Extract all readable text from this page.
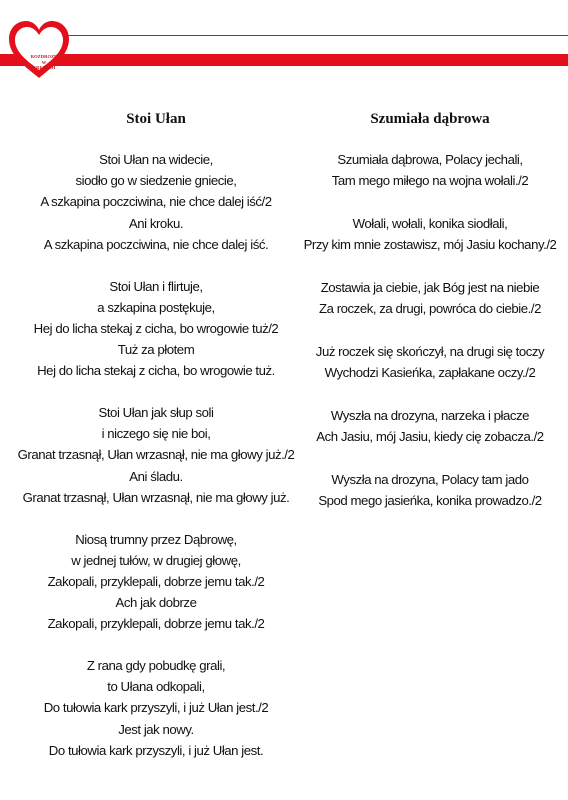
ROZDROŻE
W
KRESACH
Stoi Ułan
Stoi Ułan na widecie,
siodło go w siedzenie gniecie,
A szkapina poczciwina, nie chce dalej iść/2
Ani kroku.
A szkapina poczciwina, nie chce dalej iść.
Stoi Ułan i flirtuje,
a szkapina postękuje,
Hej do licha stekaj z cicha, bo wrogowie tuż/2
Tuż za płotem
Hej do licha stekaj z cicha, bo wrogowie tuż.
Stoi Ułan jak słup soli
i niczego się nie boi,
Granat trzasnął, Ułan wrzasnął, nie ma głowy już./2
Ani śladu.
Granat trzasnął, Ułan wrzasnął, nie ma głowy już.
Niosą trumny przez Dąbrowę,
w jednej tułów, w drugiej głowę,
Zakopali, przyklepali, dobrze jemu tak./2
Ach jak dobrze
Zakopali, przyklepali, dobrze jemu tak./2
Z rana gdy pobudkę grali,
to Ułana odkopali,
Do tułowia kark przyszyli, i już Ułan jest./2
Jest jak nowy.
Do tułowia kark przyszyli, i już Ułan jest.
Szumiała dąbrowa
Szumiała dąbrowa, Polacy jechali,
Tam mego miłego na wojna wołali./2
Wołali, wołali, konika siodłali,
Przy kim mnie zostawisz, mój Jasiu kochany./2
Zostawia ja ciebie, jak Bóg jest na niebie
Za roczek, za drugi, powróca do ciebie./2
Już roczek się skończył, na drugi się toczy
Wychodzi Kasieńka, zapłakane oczy./2
Wyszła na drozyna, narzeka i płacze
Ach Jasiu, mój Jasiu, kiedy cię zobacza./2
Wyszła na drozyna, Polacy tam jado
Spod mego jasieńka, konika prowadzo./2
